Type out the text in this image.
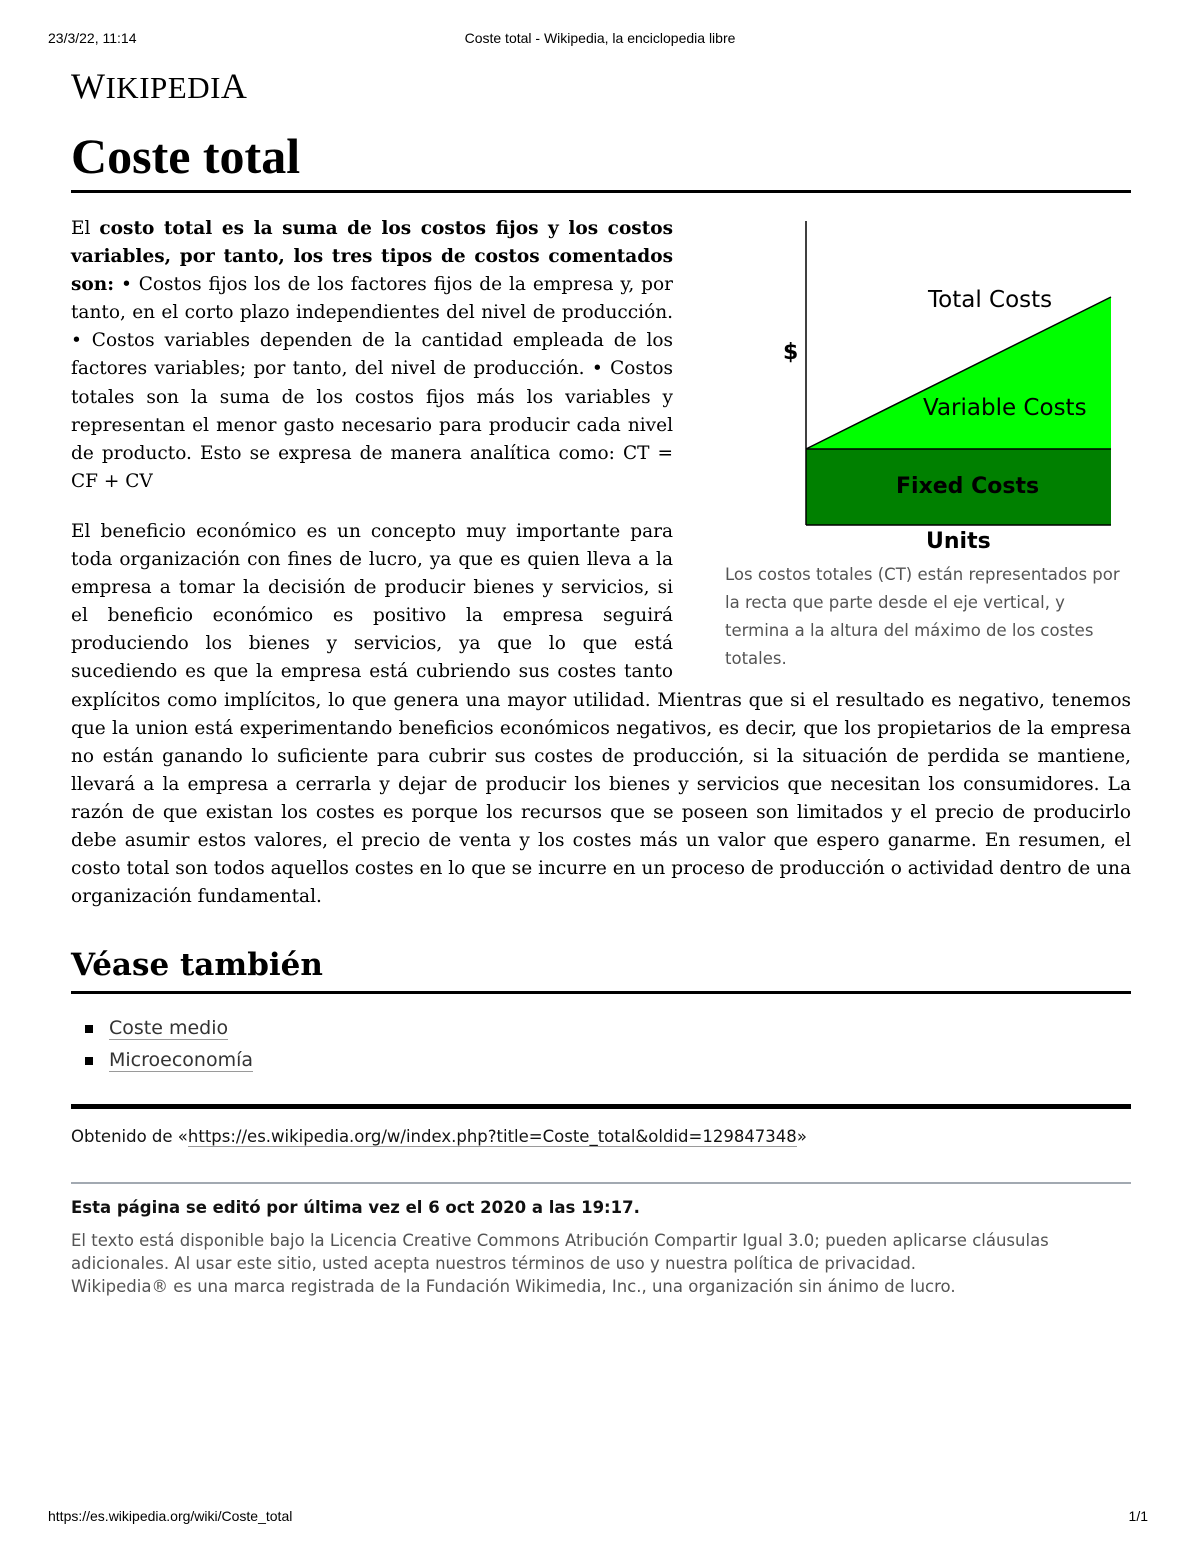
23/3/22, 11:14	Coste total - Wikipedia, la enciclopedia libre
WIKIPEDIA
Coste total
$
Units
Total Costs
Variable Costs
Fixed Costs
Los costos totales (CT) están representados por la recta que parte desde el eje vertical, y termina a la altura del máximo de los costes totales.

El costo total es la suma de los costos fijos y los costos variables, por tanto, los tres tipos de costos comentados son: • Costos fijos los de los factores fijos de la empresa y, por tanto, en el corto plazo independientes del nivel de producción. • Costos variables dependen de la cantidad empleada de los factores variables; por tanto, del nivel de producción. • Costos totales son la suma de los costos fijos más los variables y representan el menor gasto necesario para producir cada nivel de producto. Esto se expresa de manera analítica como: CT = CF + CV

El beneficio económico es un concepto muy importante para toda organización con fines de lucro, ya que es quien lleva a la empresa a tomar la decisión de producir bienes y servicios, si el beneficio económico es positivo la empresa seguirá produciendo los bienes y servicios, ya que lo que está sucediendo es que la empresa está cubriendo sus costes tanto explícitos como implícitos, lo que genera una mayor utilidad. Mientras que si el resultado es negativo, tenemos que la union está experimentando beneficios económicos negativos, es decir, que los propietarios de la empresa no están ganando lo suficiente para cubrir sus costes de producción, si la situación de perdida se mantiene, llevará a la empresa a cerrarla y dejar de producir los bienes y servicios que necesitan los consumidores. La razón de que existan los costes es porque los recursos que se poseen son limitados y el precio de producirlo debe asumir estos valores, el precio de venta y los costes más un valor que espero ganarme. En resumen, el costo total son todos aquellos costes en lo que se incurre en un proceso de producción o actividad dentro de una organización fundamental.

Véase también
Coste medio
Microeconomía
Obtenido de «https://es.wikipedia.org/w/index.php?title=Coste_total&oldid=129847348»
Esta página se editó por última vez el 6 oct 2020 a las 19:17.
El texto está disponible bajo la Licencia Creative Commons Atribución Compartir Igual 3.0; pueden aplicarse cláusulas adicionales. Al usar este sitio, usted acepta nuestros términos de uso y nuestra política de privacidad.
Wikipedia® es una marca registrada de la Fundación Wikimedia, Inc., una organización sin ánimo de lucro.
https://es.wikipedia.org/wiki/Coste_total	1/1
